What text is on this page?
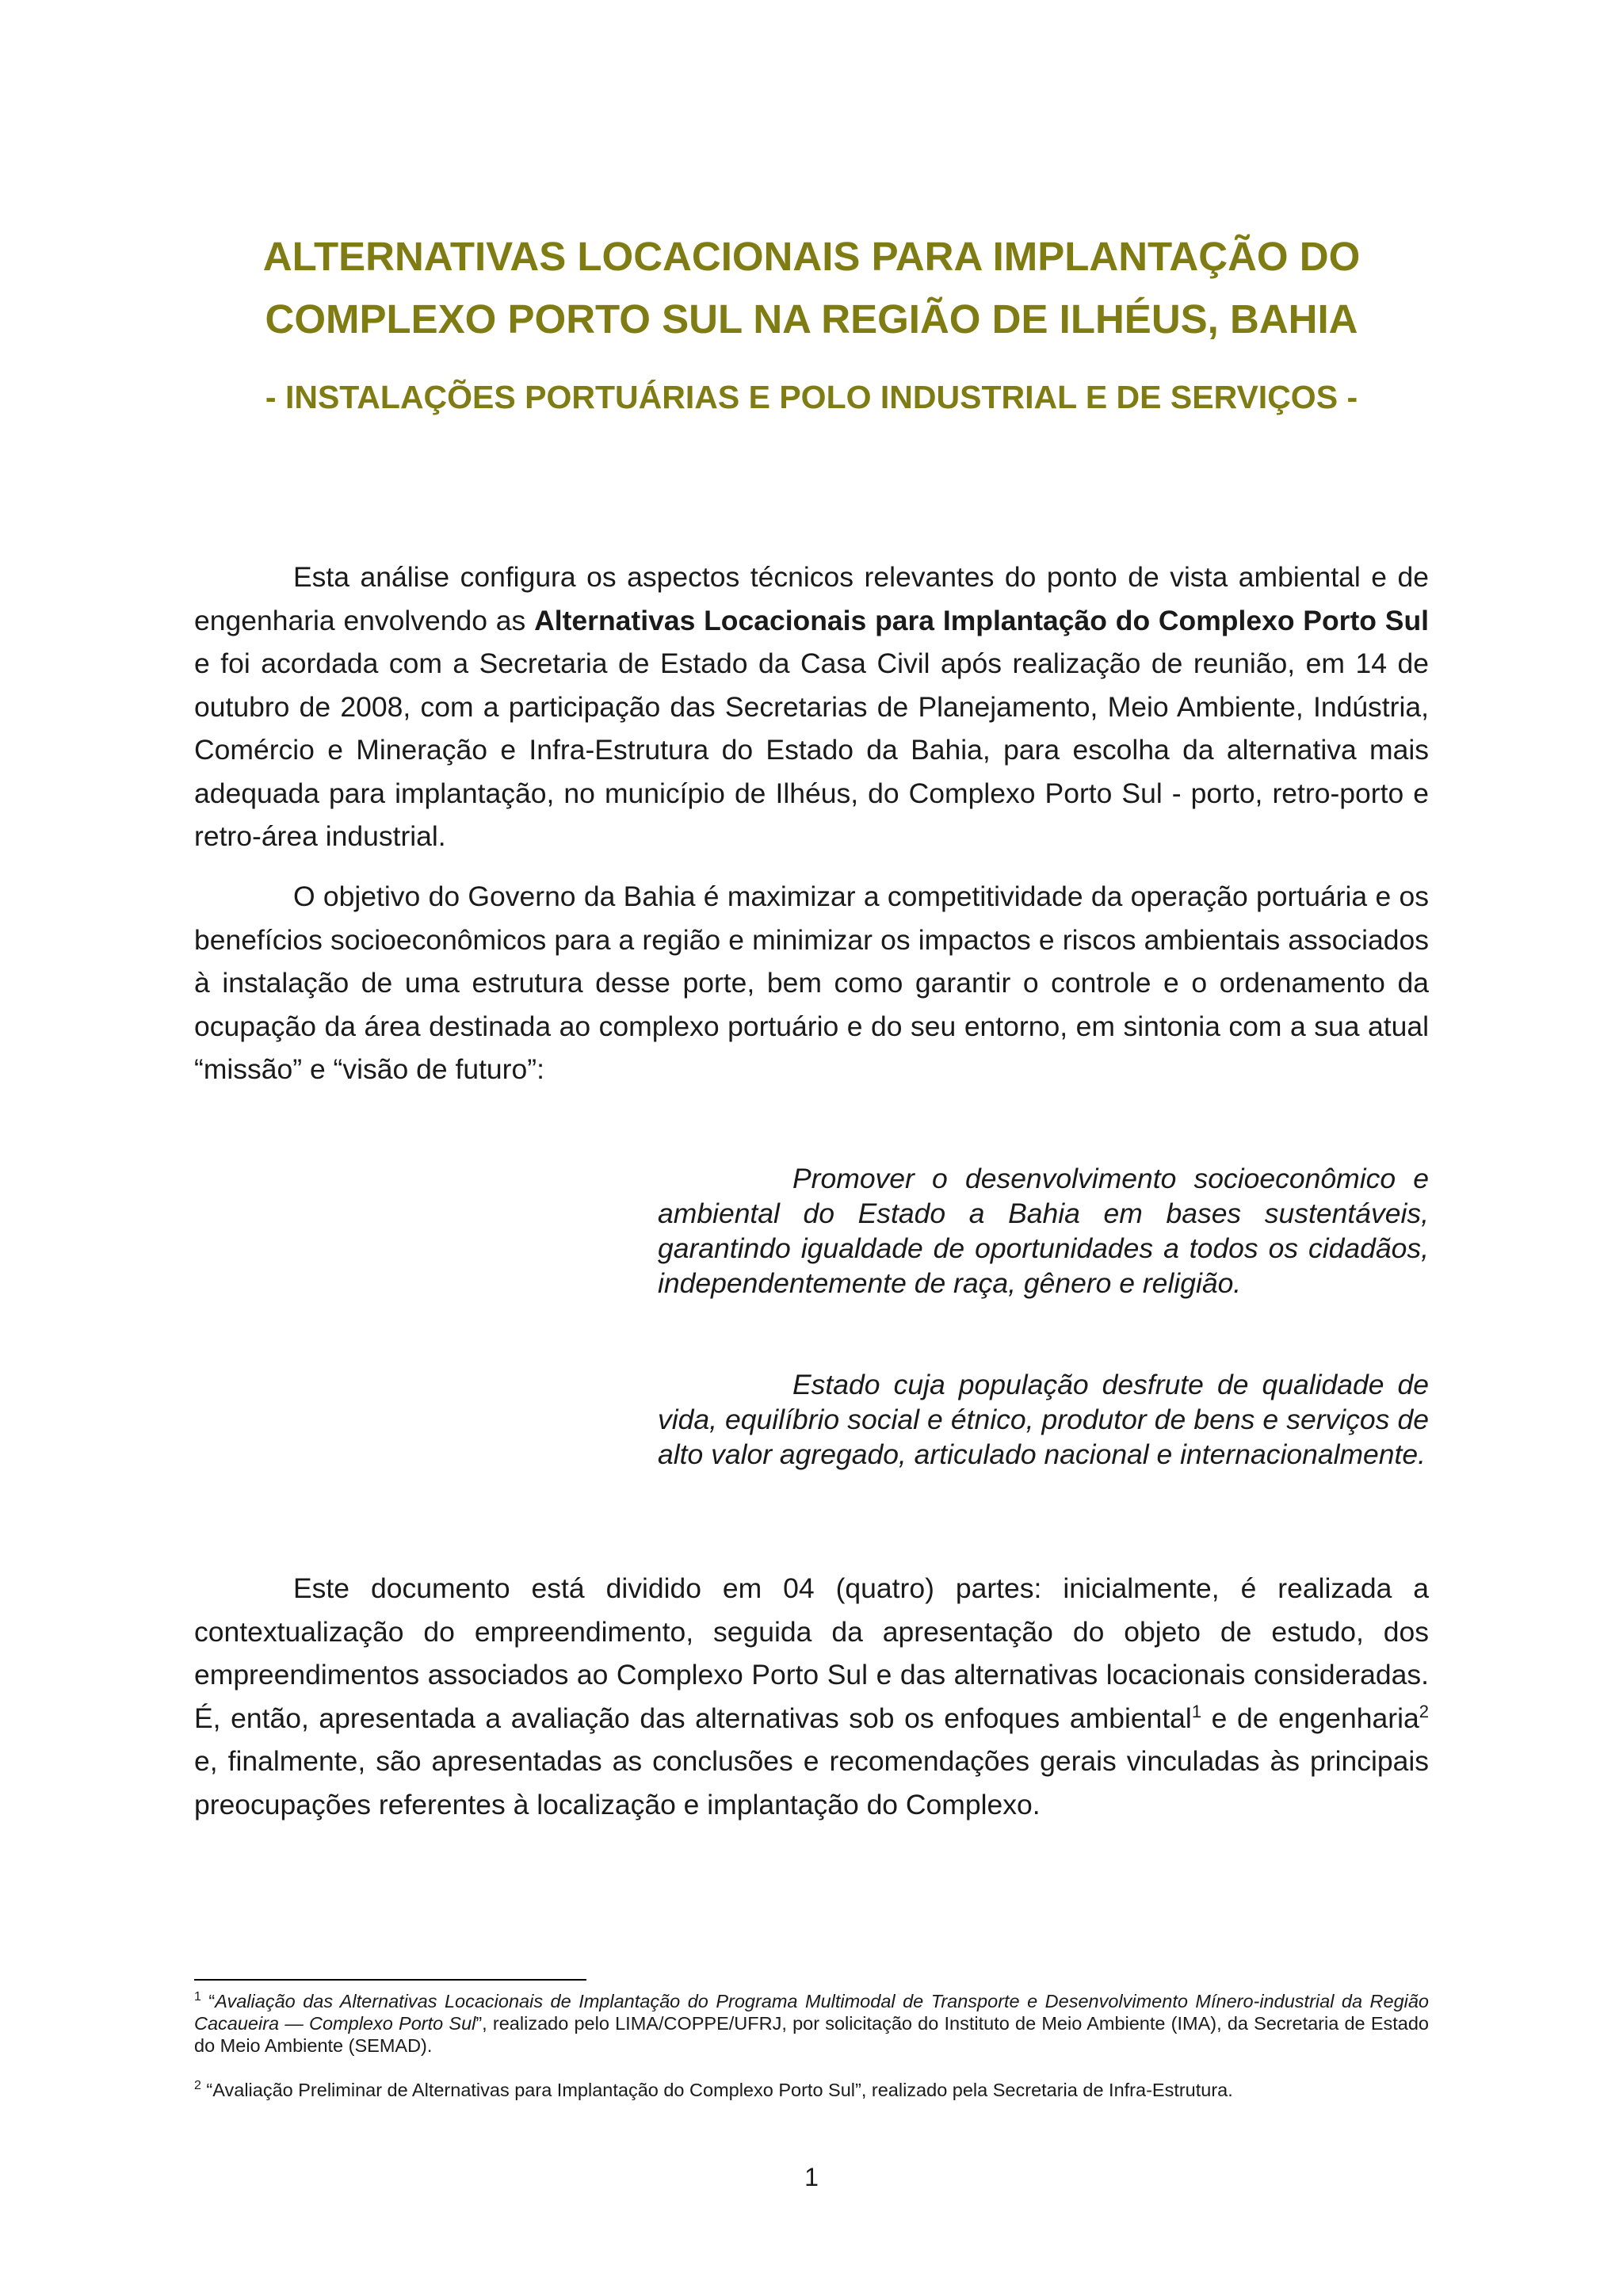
ALTERNATIVAS LOCACIONAIS PARA IMPLANTAÇÃO DO

COMPLEXO PORTO SUL NA REGIÃO DE ILHÉUS, BAHIA

- INSTALAÇÕES PORTUÁRIAS E POLO INDUSTRIAL E DE SERVIÇOS -

Esta análise configura os aspectos técnicos relevantes do ponto de vista ambiental e de engenharia envolvendo as Alternativas Locacionais para Implantação do Complexo Porto Sul e foi acordada com a Secretaria de Estado da Casa Civil após realização de reunião, em 14 de outubro de 2008, com a participação das Secretarias de Planejamento, Meio Ambiente, Indústria, Comércio e Mineração e Infra-Estrutura do Estado da Bahia, para escolha da alternativa mais adequada para implantação, no município de Ilhéus, do Complexo Porto Sul - porto, retro-porto e retro-área industrial.

O objetivo do Governo da Bahia é maximizar a competitividade da operação portuária e os benefícios socioeconômicos para a região e minimizar os impactos e riscos ambientais associados à instalação de uma estrutura desse porte, bem como garantir o controle e o ordenamento da ocupação da área destinada ao complexo portuário e do seu entorno, em sintonia com a sua atual “missão” e “visão de futuro”:

Promover o desenvolvimento socioeconômico e ambiental do Estado a Bahia em bases sustentáveis, garantindo igualdade de oportunidades a todos os cidadãos, independentemente de raça, gênero e religião.

Estado cuja população desfrute de qualidade de vida, equilíbrio social e étnico, produtor de bens e serviços de alto valor agregado, articulado nacional e internacionalmente.

Este documento está dividido em 04 (quatro) partes: inicialmente, é realizada a contextualização do empreendimento, seguida da apresentação do objeto de estudo, dos empreendimentos associados ao Complexo Porto Sul e das alternativas locacionais consideradas. É, então, apresentada a avaliação das alternativas sob os enfoques ambiental$^1$ e de engenharia$^2$ e, finalmente, são apresentadas as conclusões e recomendações gerais vinculadas às principais preocupações referentes à localização e implantação do Complexo.

$^1$ “Avaliação das Alternativas Locacionais de Implantação do Programa Multimodal de Transporte e Desenvolvimento Mínero-industrial da Região Cacaueira — Complexo Porto Sul”, realizado pelo LIMA/COPPE/UFRJ, por solicitação do Instituto de Meio Ambiente (IMA), da Secretaria de Estado do Meio Ambiente (SEMAD).

$^2$ “Avaliação Preliminar de Alternativas para Implantação do Complexo Porto Sul”, realizado pela Secretaria de Infra-Estrutura.

1
